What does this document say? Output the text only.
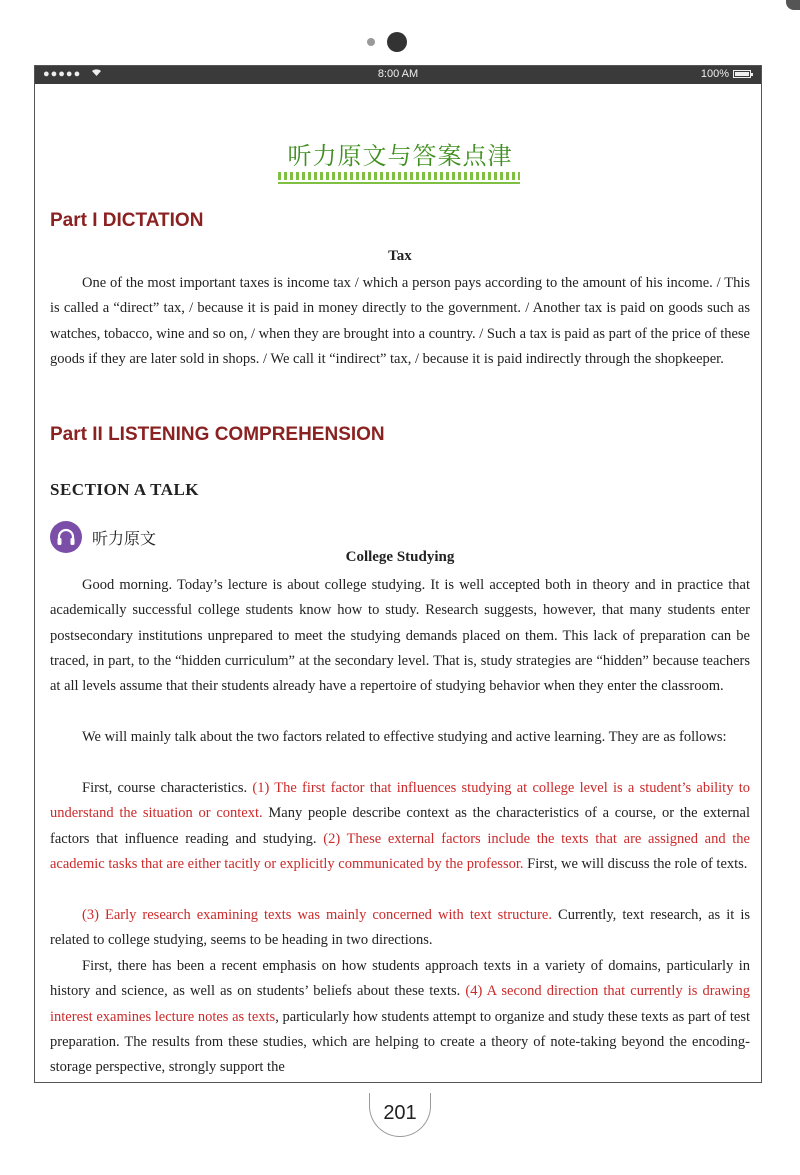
●●●●●	8:00 AM	100%
听力原文与答案点津
Part I DICTATION
Tax

One of the most important taxes is income tax / which a person pays according to the amount of his income. / This is called a “direct” tax, / because it is paid in money directly to the government. / Another tax is paid on goods such as watches, tobacco, wine and so on, / when they are brought into a country. / Such a tax is paid as part of the price of these goods if they are later sold in shops. / We call it “indirect” tax, / because it is paid indirectly through the shopkeeper.

Part II LISTENING COMPREHENSION
SECTION A TALK
听力原文
College Studying

Good morning. Today’s lecture is about college studying. It is well accepted both in theory and in practice that academically successful college students know how to study. Research suggests, however, that many students enter postsecondary institutions unprepared to meet the studying demands placed on them. This lack of preparation can be traced, in part, to the “hidden curriculum” at the secondary level. That is, study strategies are “hidden” because teachers at all levels assume that their students already have a repertoire of studying behavior when they enter the classroom.

We will mainly talk about the two factors related to effective studying and active learning. They are as follows:

First, course characteristics. (1) The first factor that influences studying at college level is a student’s ability to understand the situation or context. Many people describe context as the characteristics of a course, or the external factors that influence reading and studying. (2) These external factors include the texts that are assigned and the academic tasks that are either tacitly or explicitly communicated by the professor. First, we will discuss the role of texts.

(3) Early research examining texts was mainly concerned with text structure. Currently, text research, as it is related to college studying, seems to be heading in two directions.

First, there has been a recent emphasis on how students approach texts in a variety of domains, particularly in history and science, as well as on students’ beliefs about these texts. (4) A second direction that currently is drawing interest examines lecture notes as texts, particularly how students attempt to organize and study these texts as part of test preparation. The results from these studies, which are helping to create a theory of note-taking beyond the encoding-storage perspective, strongly support the

201
